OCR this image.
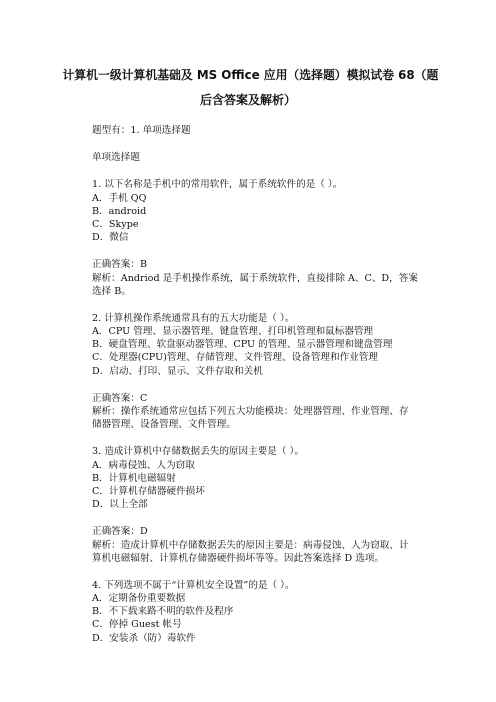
计算机一级计算机基础及 MS Office 应用（选择题）模拟试卷 68（题
后含答案及解析）
题型有：1. 单项选择题
单项选择题
1. 以下名称是手机中的常用软件，属于系统软件的是（ ）。
A．手机 QQ
B．android
C．Skype
D．微信
正确答案：B
解析：Andriod 是手机操作系统，属于系统软件，直接排除 A、C、D，答案
选择 B。
2. 计算机操作系统通常具有的五大功能是（ ）。
A．CPU 管理、显示器管理、键盘管理、打印机管理和鼠标器管理
B．硬盘管理、软盘驱动器管理、CPU 的管理、显示器管理和键盘管理
C．处理器(CPU)管理、存储管理、文件管理、设备管理和作业管理
D．启动、打印、显示、文件存取和关机
正确答案：C
解析：操作系统通常应包括下列五大功能模块：处理器管理、作业管理、存
储器管理、设备管理、文件管理。
3. 造成计算机中存储数据丢失的原因主要是（ ）。
A．病毒侵蚀、人为窃取
B．计算机电磁辐射
C．计算机存储器硬件损坏
D．以上全部
正确答案：D
解析：造成计算机中存储数据丢失的原因主要是：病毒侵蚀、人为窃取、计
算机电磁辐射、计算机存储器硬件损坏等等。因此答案选择 D 选项。
4. 下列选项不属于“计算机安全设置”的是（ ）。
A．定期备份重要数据
B．不下载来路不明的软件及程序
C．停掉 Guest 帐号
D．安装杀（防）毒软件
